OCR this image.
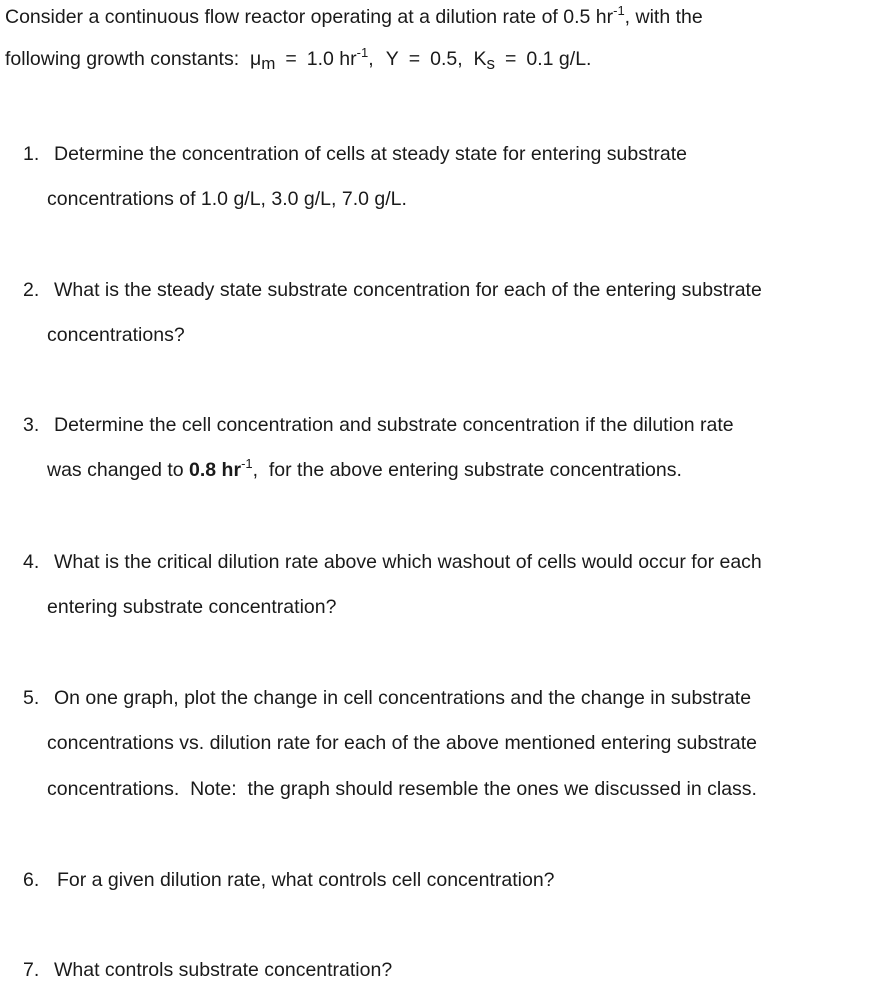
Consider a continuous flow reactor operating at a dilution rate of 0.5 $hr^{-1}$, with the
following growth constants: $\mu_m = 1.0$ $hr^{-1}$, Y = 0.5, $K_s = 0.1$ g/L.
1. Determine the concentration of cells at steady state for entering substrate
concentrations of 1.0 g/L, 3.0 g/L, 7.0 g/L.
2. What is the steady state substrate concentration for each of the entering substrate
concentrations?
3. Determine the cell concentration and substrate concentration if the dilution rate
was changed to 0.8 $hr^{-1}$,  for the above entering substrate concentrations.
4. What is the critical dilution rate above which washout of cells would occur for each
entering substrate concentration?
5. On one graph, plot the change in cell concentrations and the change in substrate
concentrations vs. dilution rate for each of the above mentioned entering substrate
concentrations.  Note:  the graph should resemble the ones we discussed in class.
6. For a given dilution rate, what controls cell concentration?
7. What controls substrate concentration?
